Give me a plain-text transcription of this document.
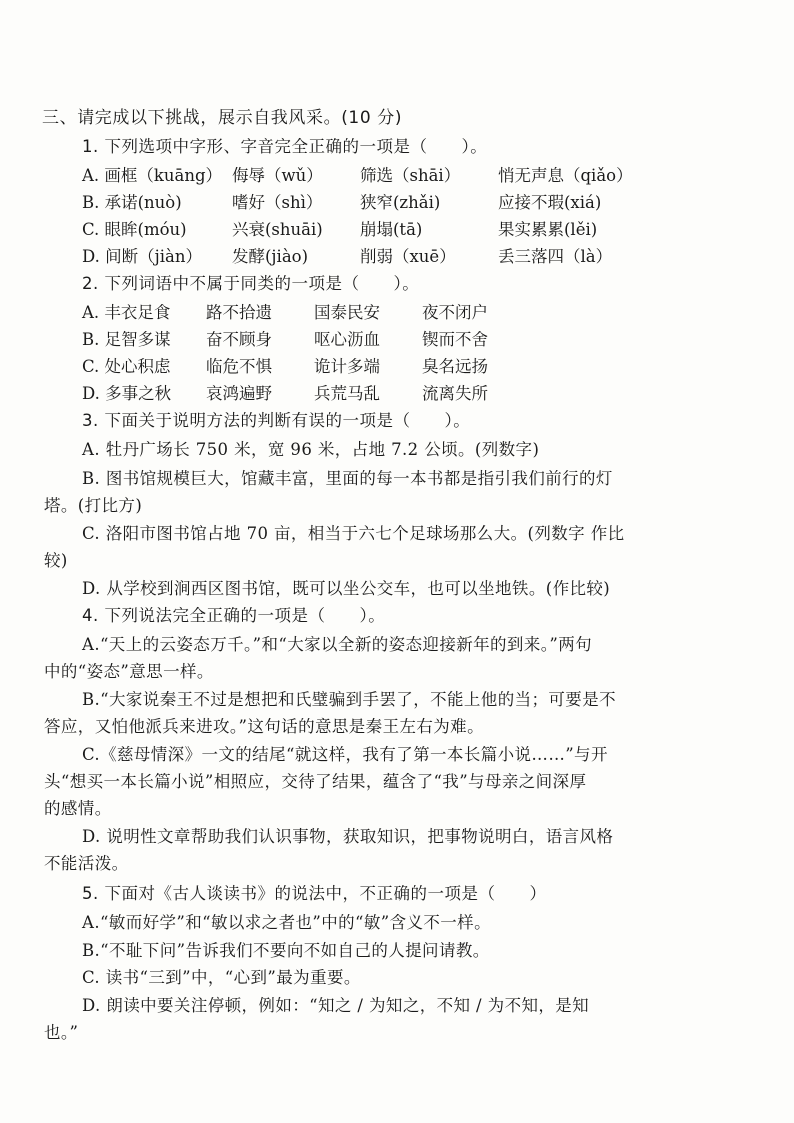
三、请完成以下挑战，展示自我风采。(10 分)
1. 下列选项中字形、字音完全正确的一项是（　　）。
A. 画框（kuāng） 侮辱（wǔ） 筛选（shāi） 悄无声息（qiǎo）
B. 承诺(nuò)	嗜好（shì） 狭窄(zhǎi)	应接不瑕(xiá)
C. 眼眸(móu)	兴衰(shuāi) 崩塌(tā)	果实累累(lěi)
D. 间断（jiàn） 发酵(jiào)	削弱（xuē）	丢三落四（là）
2. 下列词语中不属于同类的一项是（　　）。
A. 丰衣足食 路不拾遗	国泰民安	夜不闭户
B. 足智多谋 奋不顾身	呕心沥血	锲而不舍
C. 处心积虑 临危不惧	诡计多端	臭名远扬
D. 多事之秋 哀鸿遍野	兵荒马乱	流离失所
3. 下面关于说明方法的判断有误的一项是（　　）。
A. 牡丹广场长 750 米，宽 96 米，占地 7.2 公顷。(列数字)
B. 图书馆规模巨大，馆藏丰富，里面的每一本书都是指引我们前行的灯
塔。(打比方)
C. 洛阳市图书馆占地 70 亩，相当于六七个足球场那么大。(列数字 作比
较)
D. 从学校到涧西区图书馆，既可以坐公交车，也可以坐地铁。(作比较)
4. 下列说法完全正确的一项是（　　）。
A.“天上的云姿态万千。”和“大家以全新的姿态迎接新年的到来。”两句
中的“姿态”意思一样。
B.“大家说秦王不过是想把和氏璧骗到手罢了，不能上他的当；可要是不
答应，又怕他派兵来进攻。”这句话的意思是秦王左右为难。
C.《慈母情深》一文的结尾“就这样，我有了第一本长篇小说……”与开
头“想买一本长篇小说”相照应，交待了结果，蕴含了“我”与母亲之间深厚
的感情。
D. 说明性文章帮助我们认识事物，获取知识，把事物说明白，语言风格
不能活泼。
5. 下面对《古人谈读书》的说法中，不正确的一项是（　　）
A.“敏而好学”和“敏以求之者也”中的“敏”含义不一样。
B.“不耻下问”告诉我们不要向不如自己的人提问请教。
C. 读书“三到”中，“心到”最为重要。
D. 朗读中要关注停顿，例如：“知之 / 为知之，不知 / 为不知，是知
也。”
